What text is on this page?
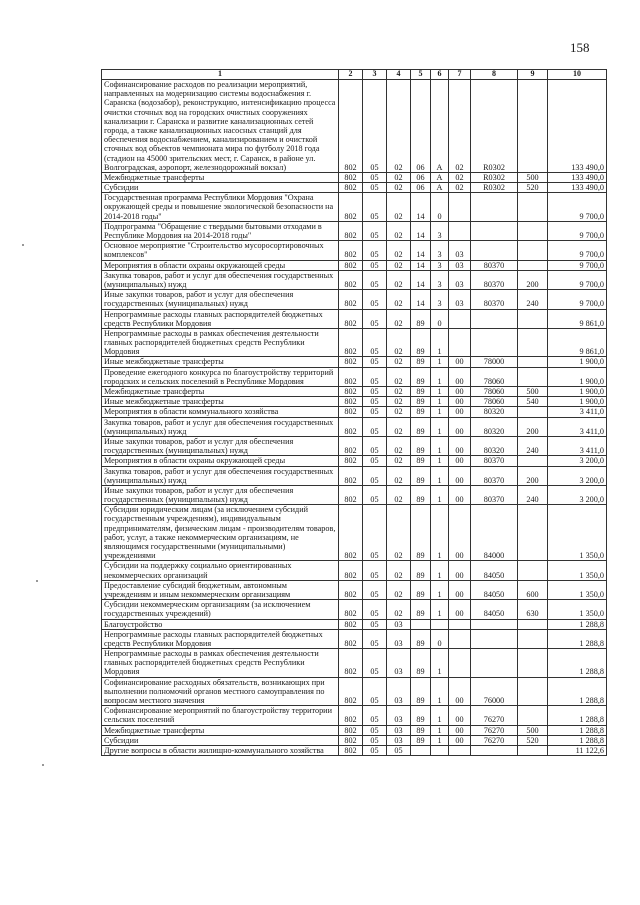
158
1	2	3	4	5	6	7	8	9	10
Софинансирование расходов по реализации мероприятий, направленных на модернизацию системы водоснабжения г. Саранска (водозабор), реконструкцию, интенсификацию процесса очистки сточных вод на городских очистных сооружениях канализации г. Саранска и развитие канализационных сетей города, а также канализационных насосных станций для обеспечения водоснабжением, канализированием и очисткой сточных вод объектов чемпионата мира по футболу 2018 года (стадион на 45000 зрительских мест, г. Саранск, в районе ул. Волгоградская, аэропорт, железнодорожный вокзал)	802	05	02	06	А	02	R0302		133 490,0
Межбюджетные трансферты	802	05	02	06	А	02	R0302	500	133 490,0
Субсидии	802	05	02	06	А	02	R0302	520	133 490,0
Государственная программа Республики Мордовия "Охрана окружающей среды и повышение экологической безопасности на 2014-2018 годы"	802	05	02	14	0				9 700,0
Подпрограмма "Обращение с твердыми бытовыми отходами в Республике Мордовия на 2014-2018 годы"	802	05	02	14	3				9 700,0
Основное мероприятие "Строительство мусоросортировочных комплексов"	802	05	02	14	3	03			9 700,0
Мероприятия в области охраны окружающей среды	802	05	02	14	3	03	80370		9 700,0
Закупка товаров, работ и услуг для обеспечения государственных (муниципальных) нужд	802	05	02	14	3	03	80370	200	9 700,0
Иные закупки товаров, работ и услуг для обеспечения государственных (муниципальных) нужд	802	05	02	14	3	03	80370	240	9 700,0
Непрограммные расходы главных распорядителей бюджетных средств Республики Мордовия	802	05	02	89	0				9 861,0
Непрограммные расходы в рамках обеспечения деятельности главных распорядителей бюджетных средств Республики Мордовия	802	05	02	89	1				9 861,0
Иные межбюджетные трансферты	802	05	02	89	1	00	78000		1 900,0
Проведение ежегодного конкурса по благоустройству территорий городских и сельских поселений в Республике Мордовия	802	05	02	89	1	00	78060		1 900,0
Межбюджетные трансферты	802	05	02	89	1	00	78060	500	1 900,0
Иные межбюджетные трансферты	802	05	02	89	1	00	78060	540	1 900,0
Мероприятия в области коммунального хозяйства	802	05	02	89	1	00	80320		3 411,0
Закупка товаров, работ и услуг для обеспечения государственных (муниципальных) нужд	802	05	02	89	1	00	80320	200	3 411,0
Иные закупки товаров, работ и услуг для обеспечения государственных (муниципальных) нужд	802	05	02	89	1	00	80320	240	3 411,0
Мероприятия в области охраны окружающей среды	802	05	02	89	1	00	80370		3 200,0
Закупка товаров, работ и услуг для обеспечения государственных (муниципальных) нужд	802	05	02	89	1	00	80370	200	3 200,0
Иные закупки товаров, работ и услуг для обеспечения государственных (муниципальных) нужд	802	05	02	89	1	00	80370	240	3 200,0
Субсидии юридическим лицам (за исключением субсидий государственным учреждениям), индивидуальным предпринимателям, физическим лицам - производителям товаров, работ, услуг, а также некоммерческим организациям, не являющимся государственными (муниципальными) учреждениями	802	05	02	89	1	00	84000		1 350,0
Субсидии на поддержку социально ориентированных некоммерческих организаций	802	05	02	89	1	00	84050		1 350,0
Предоставление субсидий бюджетным, автономным учреждениям и иным некоммерческим организациям	802	05	02	89	1	00	84050	600	1 350,0
Субсидии некоммерческим организациям (за исключением государственных учреждений)	802	05	02	89	1	00	84050	630	1 350,0
Благоустройство	802	05	03						1 288,8
Непрограммные расходы главных распорядителей бюджетных средств Республики Мордовия	802	05	03	89	0				1 288,8
Непрограммные расходы в рамках обеспечения деятельности главных распорядителей бюджетных средств Республики Мордовия	802	05	03	89	1				1 288,8
Софинансирование расходных обязательств, возникающих при выполнении полномочий органов местного самоуправления по вопросам местного значения	802	05	03	89	1	00	76000		1 288,8
Софинансирование мероприятий по благоустройству территории сельских поселений	802	05	03	89	1	00	76270		1 288,8
Межбюджетные трансферты	802	05	03	89	1	00	76270	500	1 288,8
Субсидии	802	05	03	89	1	00	76270	520	1 288,8
Другие вопросы в области жилищно-коммунального хозяйства	802	05	05						11 122,6
